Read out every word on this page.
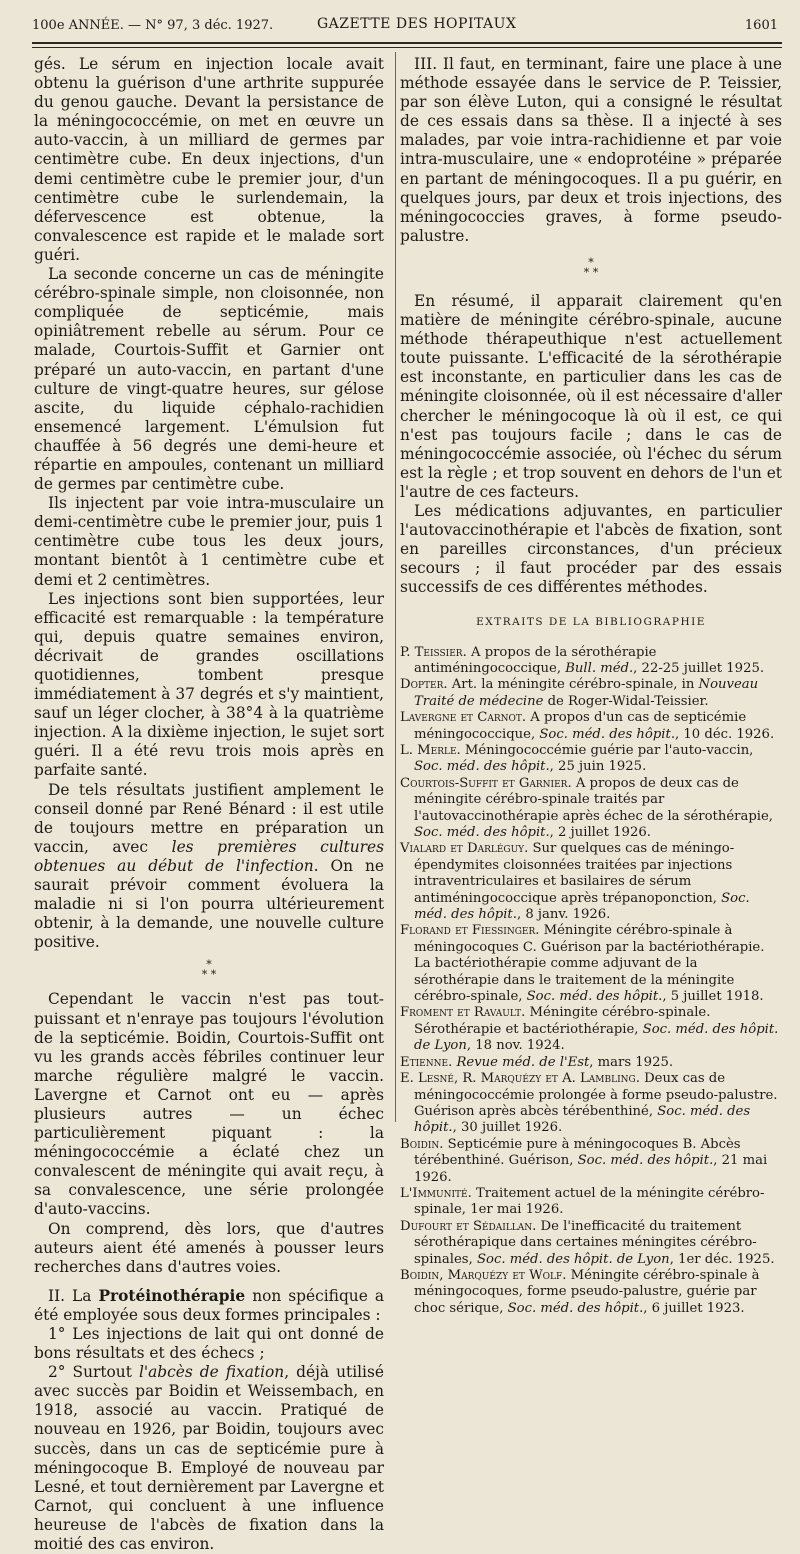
100e ANNÉE. — N° 97, 3 déc. 1927.	GAZETTE DES HOPITAUX	1601

gés. Le sérum en injection locale avait obtenu la guérison d'une arthrite suppurée du genou gauche. Devant la persistance de la méningococcémie, on met en œuvre un auto-vaccin, à un milliard de germes par centimètre cube. En deux injections, d'un demi centimètre cube le premier jour, d'un centimètre cube le surlendemain, la défervescence est obtenue, la convalescence est rapide et le malade sort guéri.

La seconde concerne un cas de méningite cérébro-spinale simple, non cloisonnée, non compliquée de septicémie, mais opiniâtrement rebelle au sérum. Pour ce malade, Courtois-Suffit et Garnier ont préparé un auto-vaccin, en partant d'une culture de vingt-quatre heures, sur gélose ascite, du liquide céphalo-rachidien ensemencé largement. L'émulsion fut chauffée à 56 degrés une demi-heure et répartie en ampoules, contenant un milliard de germes par centimètre cube.

Ils injectent par voie intra-musculaire un demi-centimètre cube le premier jour, puis 1 centimètre cube tous les deux jours, montant bientôt à 1 centimètre cube et demi et 2 centimètres.

Les injections sont bien supportées, leur efficacité est remarquable : la température qui, depuis quatre semaines environ, décrivait de grandes oscillations quotidiennes, tombent presque immédiatement à 37 degrés et s'y maintient, sauf un léger clocher, à 38°4 à la quatrième injection. A la dixième injection, le sujet sort guéri. Il a été revu trois mois après en parfaite santé.

De tels résultats justifient amplement le conseil donné par René Bénard : il est utile de toujours mettre en préparation un vaccin, avec les premières cultures obtenues au début de l'infection. On ne saurait prévoir comment évoluera la maladie ni si l'on pourra ultérieurement obtenir, à la demande, une nouvelle culture positive.

*
* *

Cependant le vaccin n'est pas tout-puissant et n'enraye pas toujours l'évolution de la septicémie. Boidin, Courtois-Suffit ont vu les grands accès fébriles continuer leur marche régulière malgré le vaccin. Lavergne et Carnot ont eu — après plusieurs autres — un échec particulièrement piquant : la méningococcémie a éclaté chez un convalescent de méningite qui avait reçu, à sa convalescence, une série prolongée d'auto-vaccins.

On comprend, dès lors, que d'autres auteurs aient été amenés à pousser leurs recherches dans d'autres voies.

II. La Protéinothérapie non spécifique a été employée sous deux formes principales :

1° Les injections de lait qui ont donné de bons résultats et des échecs ;

2° Surtout l'abcès de fixation, déjà utilisé avec succès par Boidin et Weissembach, en 1918, associé au vaccin. Pratiqué de nouveau en 1926, par Boidin, toujours avec succès, dans un cas de septicémie pure à méningocoque B. Employé de nouveau par Lesné, et tout dernièrement par Lavergne et Carnot, qui concluent à une influence heureuse de l'abcès de fixation dans la moitié des cas environ.

III. Il faut, en terminant, faire une place à une méthode essayée dans le service de P. Teissier, par son élève Luton, qui a consigné le résultat de ces essais dans sa thèse. Il a injecté à ses malades, par voie intra-rachidienne et par voie intra-musculaire, une « endoprotéine » préparée en partant de méningocoques. Il a pu guérir, en quelques jours, par deux et trois injections, des méningococcies graves, à forme pseudo-palustre.

*
* *

En résumé, il apparait clairement qu'en matière de méningite cérébro-spinale, aucune méthode thérapeuthique n'est actuellement toute puissante. L'efficacité de la sérothérapie est inconstante, en particulier dans les cas de méningite cloisonnée, où il est nécessaire d'aller chercher le méningocoque là où il est, ce qui n'est pas toujours facile ; dans le cas de méningococcémie associée, où l'échec du sérum est la règle ; et trop souvent en dehors de l'un et l'autre de ces facteurs.

Les médications adjuvantes, en particulier l'autovaccinothérapie et l'abcès de fixation, sont en pareilles circonstances, d'un précieux secours ; il faut procéder par des essais successifs de ces différentes méthodes.

EXTRAITS DE LA BIBLIOGRAPHIE

P. Teissier. A propos de la sérothérapie antiméningococcique, Bull. méd., 22-25 juillet 1925.

Dopter. Art. la méningite cérébro-spinale, in Nouveau Traité de médecine de Roger-Widal-Teissier.

Lavergne et Carnot. A propos d'un cas de septicémie méningococcique, Soc. méd. des hôpit., 10 déc. 1926.

L. Merle. Méningococcémie guérie par l'auto-vaccin, Soc. méd. des hôpit., 25 juin 1925.

Courtois-Suffit et Garnier. A propos de deux cas de méningite cérébro-spinale traités par l'autovaccinothérapie après échec de la sérothérapie, Soc. méd. des hôpit., 2 juillet 1926.

Vialard et Darléguy. Sur quelques cas de méningo-épendymites cloisonnées traitées par injections intraventriculaires et basilaires de sérum antiméningococcique après trépanoponction, Soc. méd. des hôpit., 8 janv. 1926.

Florand et Fiessinger. Méningite cérébro-spinale à méningocoques C. Guérison par la bactériothérapie. La bactériothérapie comme adjuvant de la sérothérapie dans le traitement de la méningite cérébro-spinale, Soc. méd. des hôpit., 5 juillet 1918.

Froment et Ravault. Méningite cérébro-spinale. Sérothérapie et bactériothérapie, Soc. méd. des hôpit. de Lyon, 18 nov. 1924.

Etienne. Revue méd. de l'Est, mars 1925.

E. Lesné, R. Marquézy et A. Lambling. Deux cas de méningococcémie prolongée à forme pseudo-palustre. Guérison après abcès térébenthiné, Soc. méd. des hôpit., 30 juillet 1926.

Boidin. Septicémie pure à méningocoques B. Abcès térébenthiné. Guérison, Soc. méd. des hôpit., 21 mai 1926.

L'Immunité. Traitement actuel de la méningite cérébro-spinale, 1er mai 1926.

Dufourt et Sédaillan. De l'inefficacité du traitement sérothérapique dans certaines méningites cérébro-spinales, Soc. méd. des hôpit. de Lyon, 1er déc. 1925.

Boidin, Marquézy et Wolf. Méningite cérébro-spinale à méningocoques, forme pseudo-palustre, guérie par choc sérique, Soc. méd. des hôpit., 6 juillet 1923.
